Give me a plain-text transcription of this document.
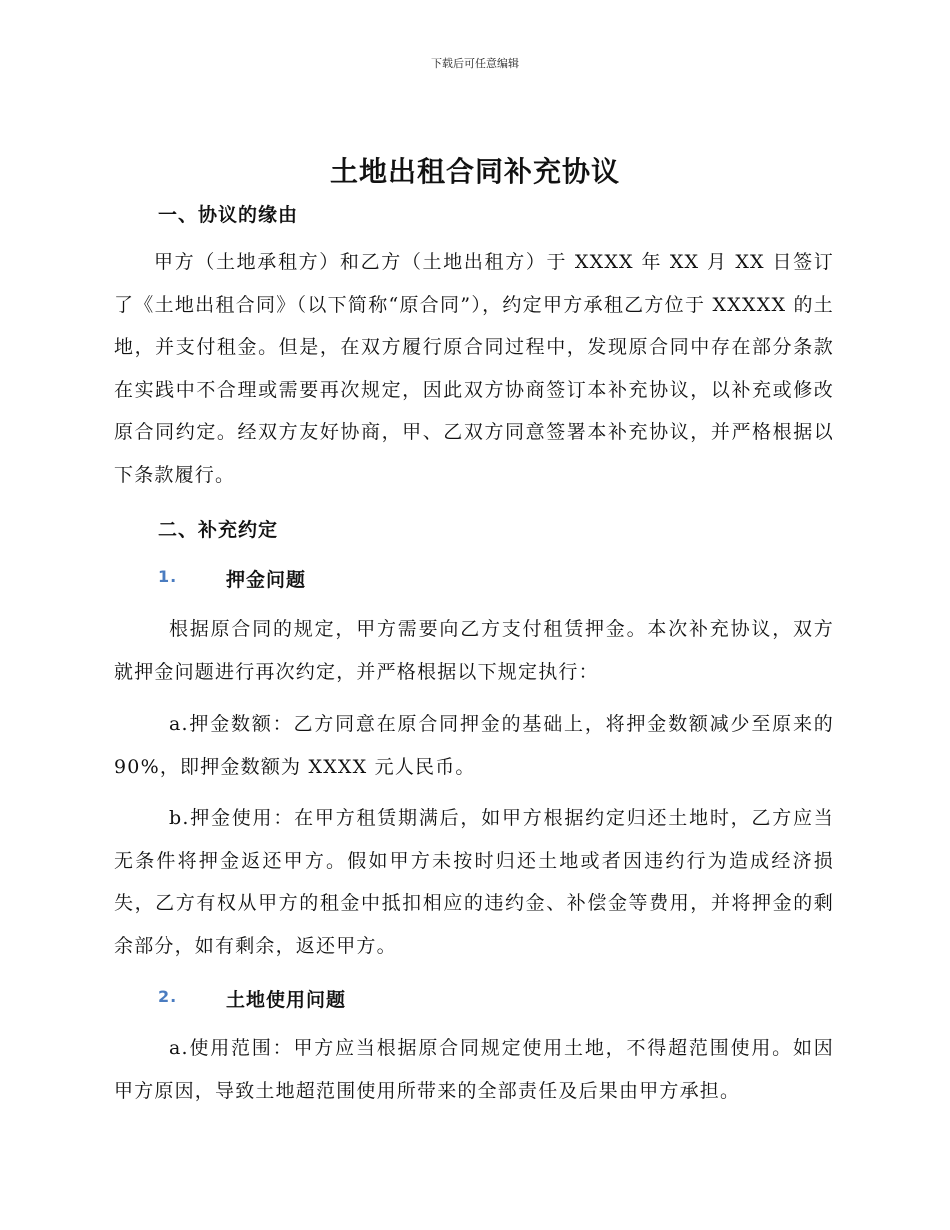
下载后可任意编辑
土地出租合同补充协议
一、协议的缘由
甲方（土地承租方）和乙方（土地出租方）于 XXXX 年 XX 月 XX 日签订了《土地出租合同》（以下简称“原合同”），约定甲方承租乙方位于 XXXXX 的土地，并支付租金。但是，在双方履行原合同过程中，发现原合同中存在部分条款在实践中不合理或需要再次规定，因此双方协商签订本补充协议，以补充或修改原合同约定。经双方友好协商，甲、乙双方同意签署本补充协议，并严格根据以下条款履行。
二、补充约定
1.	押金问题
根据原合同的规定，甲方需要向乙方支付租赁押金。本次补充协议，双方就押金问题进行再次约定，并严格根据以下规定执行：
a.押金数额：乙方同意在原合同押金的基础上，将押金数额减少至原来的 90%，即押金数额为 XXXX 元人民币。
b.押金使用：在甲方租赁期满后，如甲方根据约定归还土地时，乙方应当无条件将押金返还甲方。假如甲方未按时归还土地或者因违约行为造成经济损失，乙方有权从甲方的租金中抵扣相应的违约金、补偿金等费用，并将押金的剩余部分，如有剩余，返还甲方。
2.	土地使用问题
a.使用范围：甲方应当根据原合同规定使用土地，不得超范围使用。如因甲方原因，导致土地超范围使用所带来的全部责任及后果由甲方承担。
